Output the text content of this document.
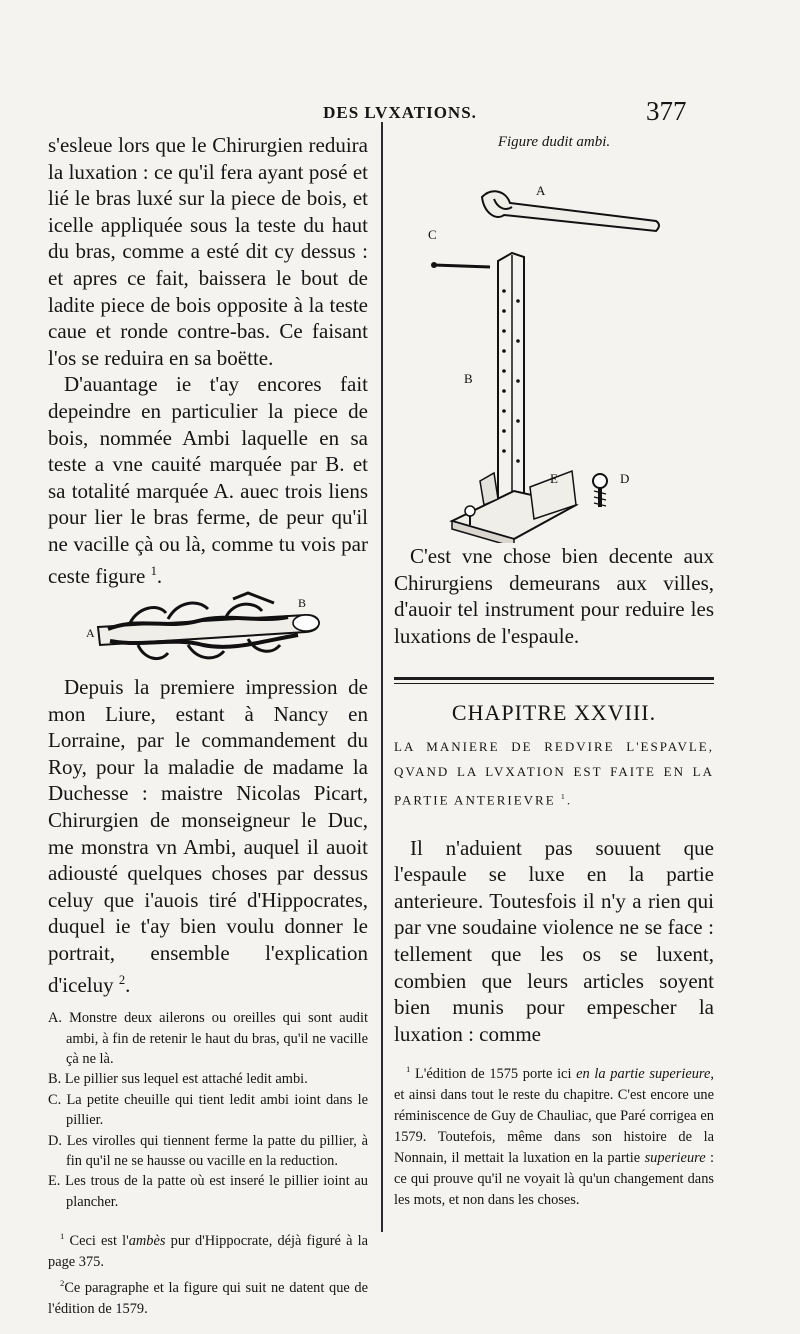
DES LVXATIONS.	377

s'esleue lors que le Chirurgien reduira la luxation : ce qu'il fera ayant posé et lié le bras luxé sur la piece de bois, et icelle appliquée sous la teste du haut du bras, comme a esté dit cy dessus : et apres ce fait, baissera le bout de ladite piece de bois opposite à la teste caue et ronde contre-bas. Ce faisant l'os se reduira en sa boëtte.

D'auantage ie t'ay encores fait depeindre en particulier la piece de bois, nommée Ambi laquelle en sa teste a vne cauité marquée par B. et sa totalité marquée A. auec trois liens pour lier le bras ferme, de peur qu'il ne vacille çà ou là, comme tu vois par ceste figure $^1$.

A
B

Depuis la premiere impression de mon Liure, estant à Nancy en Lorraine, par le commandement du Roy, pour la maladie de madame la Duchesse : maistre Nicolas Picart, Chirurgien de monseigneur le Duc, me monstra vn Ambi, auquel il auoit adiousté quelques choses par dessus celuy que i'auois tiré d'Hippocrates, duquel ie t'ay bien voulu donner le portrait, ensemble l'explication d'iceluy $^2$.

A. Monstre deux ailerons ou oreilles qui sont audit ambi, à fin de retenir le haut du bras, qu'il ne vacille çà ne là.

B. Le pillier sus lequel est attaché ledit ambi.

C. La petite cheuille qui tient ledit ambi ioint dans le pillier.

D. Les virolles qui tiennent ferme la patte du pillier, à fin qu'il ne se hausse ou vacille en la reduction.

E. Les trous de la patte où est inseré le pillier ioint au plancher.

$^1$ Ceci est l'ambès pur d'Hippocrate, déjà figuré à la page 375.

$^2$Ce paragraphe et la figure qui suit ne datent que de l'édition de 1579.

Figure dudit ambi.

A
C
B
D
E

C'est vne chose bien decente aux Chirurgiens demeurans aux villes, d'auoir tel instrument pour reduire les luxations de l'espaule.

CHAPITRE XXVIII.

LA MANIERE DE REDVIRE L'ESPAVLE, QVAND LA LVXATION EST FAITE EN LA PARTIE ANTERIEVRE $^1$.

Il n'aduient pas souuent que l'espaule se luxe en la partie anterieure. Toutesfois il n'y a rien qui par vne soudaine violence ne se face : tellement que les os se luxent, combien que leurs articles soyent bien munis pour empescher la luxation : comme

$^1$ L'édition de 1575 porte ici en la partie superieure, et ainsi dans tout le reste du chapitre. C'est encore une réminiscence de Guy de Chauliac, que Paré corrigea en 1579. Toutefois, même dans son histoire de la Nonnain, il mettait la luxation en la partie superieure : ce qui prouve qu'il ne voyait là qu'un changement dans les mots, et non dans les choses.
